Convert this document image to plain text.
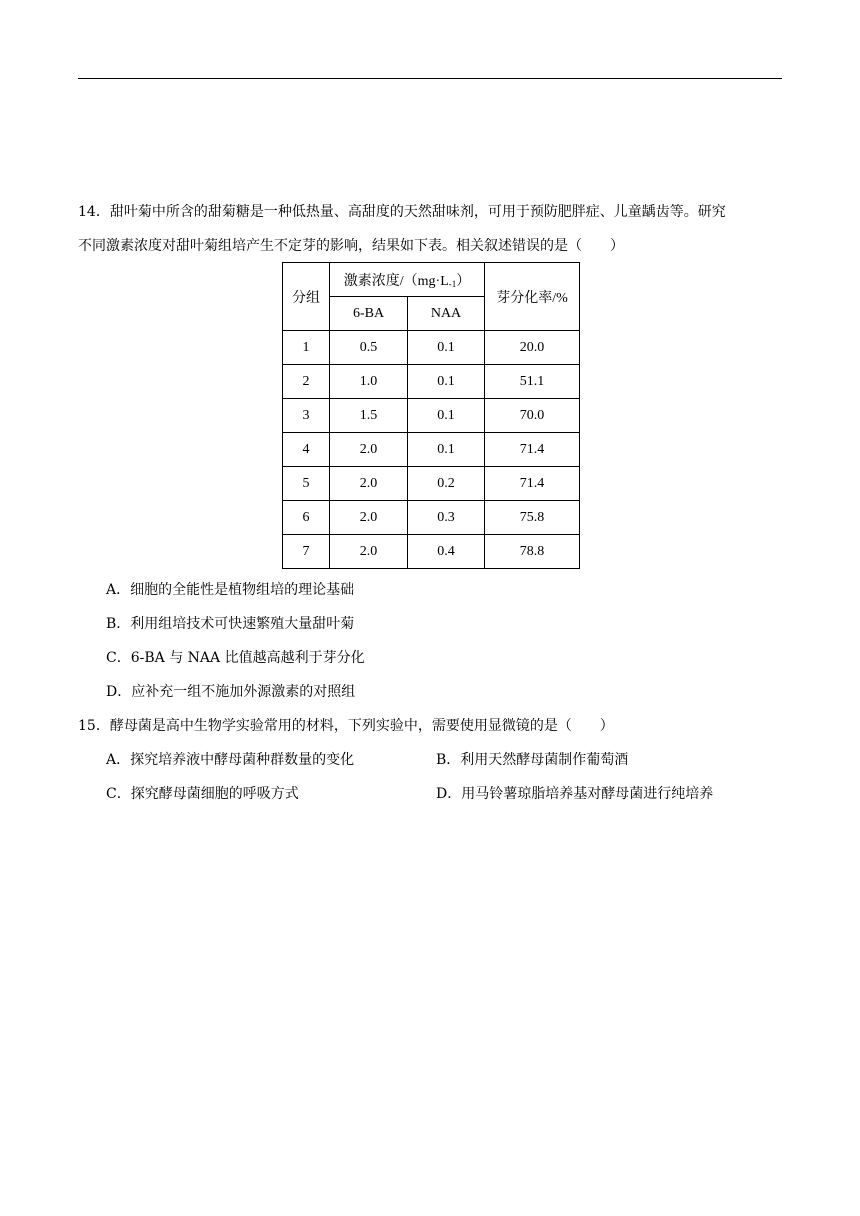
14．甜叶菊中所含的甜菊糖是一种低热量、高甜度的天然甜味剂，可用于预防肥胖症、儿童龋齿等。研究
不同激素浓度对甜叶菊组培产生不定芽的影响，结果如下表。相关叙述错误的是（　　）
分组	激素浓度$/(mg\cdot L_{-1})$		芽分化率/%
	6-BA	NAA	
1	0.5	0.1	20.0
2	1.0	0.1	51.1
3	1.5	0.1	70.0
4	2.0	0.1	71.4
5	2.0	0.2	71.4
6	2.0	0.3	75.8
7	2.0	0.4	78.8
A．细胞的全能性是植物组培的理论基础
B．利用组培技术可快速繁殖大量甜叶菊
C．6-BA 与 NAA 比值越高越利于芽分化
D．应补充一组不施加外源激素的对照组
15．酵母菌是高中生物学实验常用的材料，下列实验中，需要使用显微镜的是（　　）
A．探究培养液中酵母菌种群数量的变化	B．利用天然酵母菌制作葡萄酒
C．探究酵母菌细胞的呼吸方式	D．用马铃薯琼脂培养基对酵母菌进行纯培养
